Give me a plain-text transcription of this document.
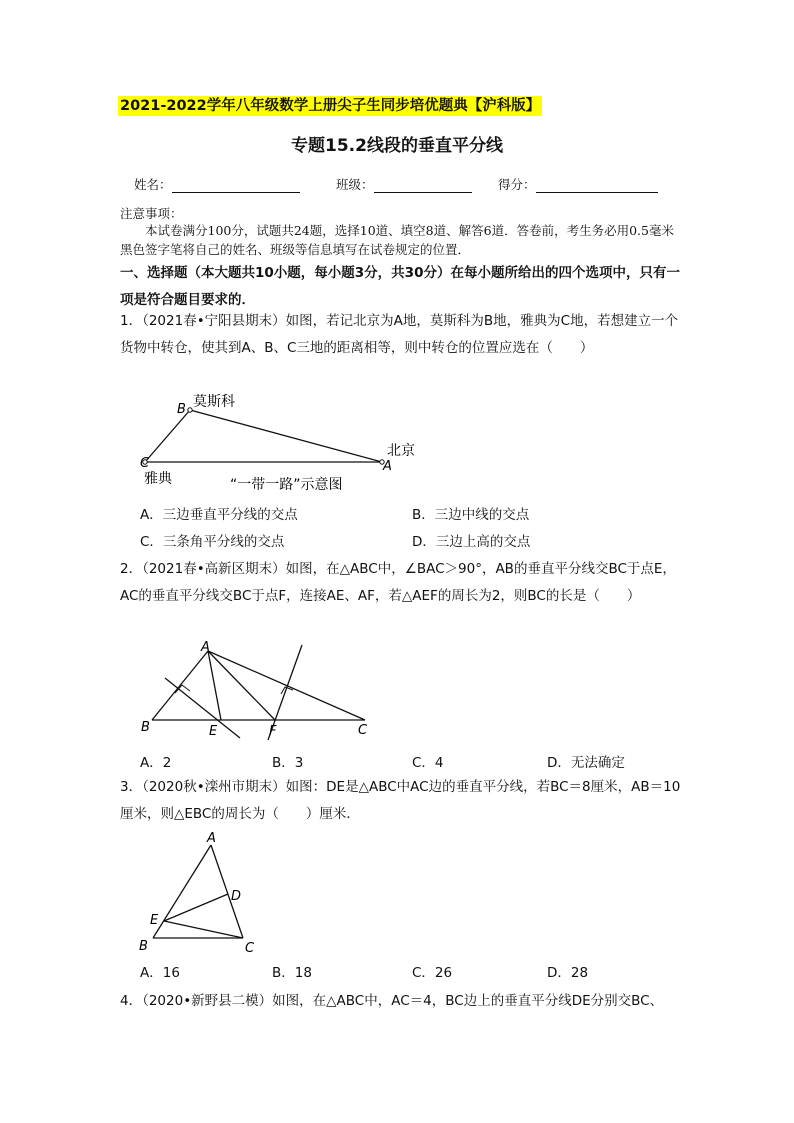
2021-2022学年八年级数学上册尖子生同步培优题典【沪科版】
专题15.2线段的垂直平分线
姓名：	班级：	得分：
注意事项：
本试卷满分100分，试题共24题，选择10道、填空8道、解答6道．答卷前，考生务必用0.5毫米黑色签字笔将自己的姓名、班级等信息填写在试卷规定的位置．
一、选择题（本大题共10小题，每小题3分，共30分）在每小题所给出的四个选项中，只有一项是符合题目要求的．
1．（2021春•宁阳县期末）如图，若记北京为A地，莫斯科为B地，雅典为C地，若想建立一个货物中转仓，使其到A、B、C三地的距离相等，则中转仓的位置应选在（　　）
B 莫斯科
C
雅典
A
北京
“一带一路”示意图
A．三边垂直平分线的交点	B．三边中线的交点
C．三条角平分线的交点	D．三边上高的交点
2．（2021春•高新区期末）如图，在△ABC中，∠BAC＞90°，AB的垂直平分线交BC于点E，AC的垂直平分线交BC于点F，连接AE、AF，若△AEF的周长为2，则BC的长是（　　）
A
B	C
E	F
A．2	B．3	C．4	D．无法确定
3．（2020秋•滦州市期末）如图：DE是△ABC中AC边的垂直平分线，若BC＝8厘米，AB＝10厘米，则△EBC的周长为（　　）厘米．
A
B	C
D
E
A．16	B．18	C．26	D．28
4．（2020•新野县二模）如图，在△ABC中，AC＝4，BC边上的垂直平分线DE分别交BC、
